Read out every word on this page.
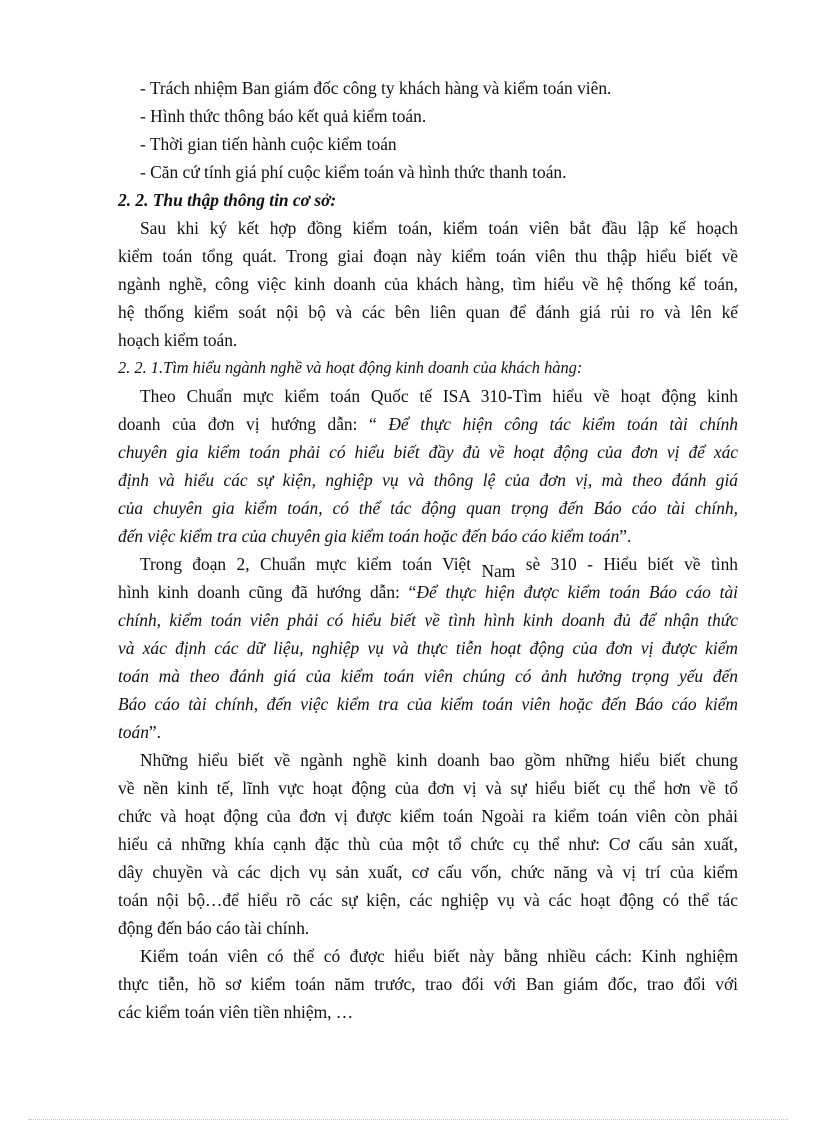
- Trách nhiệm Ban giám đốc công ty khách hàng và kiểm toán viên.
- Hình thức thông báo kết quả kiểm toán.
- Thời gian tiến hành cuộc kiểm toán
- Căn cứ tính giá phí cuộc kiểm toán và hình thức thanh toán.
2. 2. Thu thập thông tin cơ sở:
Sau khi ký kết hợp đồng kiểm toán, kiểm toán viên bắt đầu lập kế hoạch
kiểm toán tổng quát. Trong giai đoạn này kiểm toán viên thu thập hiểu biết về
ngành nghề, công việc kinh doanh của khách hàng, tìm hiểu về hệ thống kế toán,
hệ thống kiểm soát nội bộ và các bên liên quan để đánh giá rủi ro và lên kế
hoạch kiểm toán.
2. 2. 1.Tìm hiểu ngành nghề và hoạt động kinh doanh của khách hàng:
Theo Chuẩn mực kiểm toán Quốc tế ISA 310-Tìm hiểu về hoạt động kinh
doanh của đơn vị hướng dẫn: “ Để thực hiện công tác kiểm toán tài chính
chuyên gia kiểm toán phải có hiểu biết đầy đủ về hoạt động của đơn vị để xác
định và hiểu các sự kiện, nghiệp vụ và thông lệ của đơn vị, mà theo đánh giá
của chuyên gia kiểm toán, có thể tác động quan trọng đến Báo cáo tài chính,
đến việc kiểm tra của chuyên gia kiểm toán hoặc đến báo cáo kiểm toán”.
Trong đoạn 2, Chuẩn mực kiểm toán Việt Nam sè 310 - Hiểu biết về tình
hình kinh doanh cũng đã hướng dẫn: “Để thực hiện được kiểm toán Báo cáo tài
chính, kiểm toán viên phải có hiểu biết về tình hình kinh doanh đủ để nhận thức
và xác định các dữ liệu, nghiệp vụ và thực tiễn hoạt động của đơn vị được kiểm
toán mà theo đánh giá của kiểm toán viên chúng có ảnh hưởng trọng yếu đến
Báo cáo tài chính, đến việc kiểm tra của kiểm toán viên hoặc đến Báo cáo kiểm
toán”.
Những hiểu biết về ngành nghề kinh doanh bao gồm những hiểu biết chung
về nền kinh tế, lĩnh vực hoạt động của đơn vị và sự hiểu biết cụ thể hơn về tổ
chức và hoạt động của đơn vị được kiểm toán Ngoài ra kiểm toán viên còn phải
hiểu cả những khía cạnh đặc thù của một tổ chức cụ thể như: Cơ cấu sản xuất,
dây chuyền và các dịch vụ sản xuất, cơ cấu vốn, chức năng và vị trí của kiểm
toán nội bộ…để hiểu rõ các sự kiện, các nghiệp vụ và các hoạt động có thể tác
động đến báo cáo tài chính.
Kiểm toán viên có thể có được hiểu biết này bằng nhiều cách: Kinh nghiệm
thực tiễn, hồ sơ kiểm toán năm trước, trao đổi với Ban giám đốc, trao đổi với
các kiểm toán viên tiền nhiệm, …
